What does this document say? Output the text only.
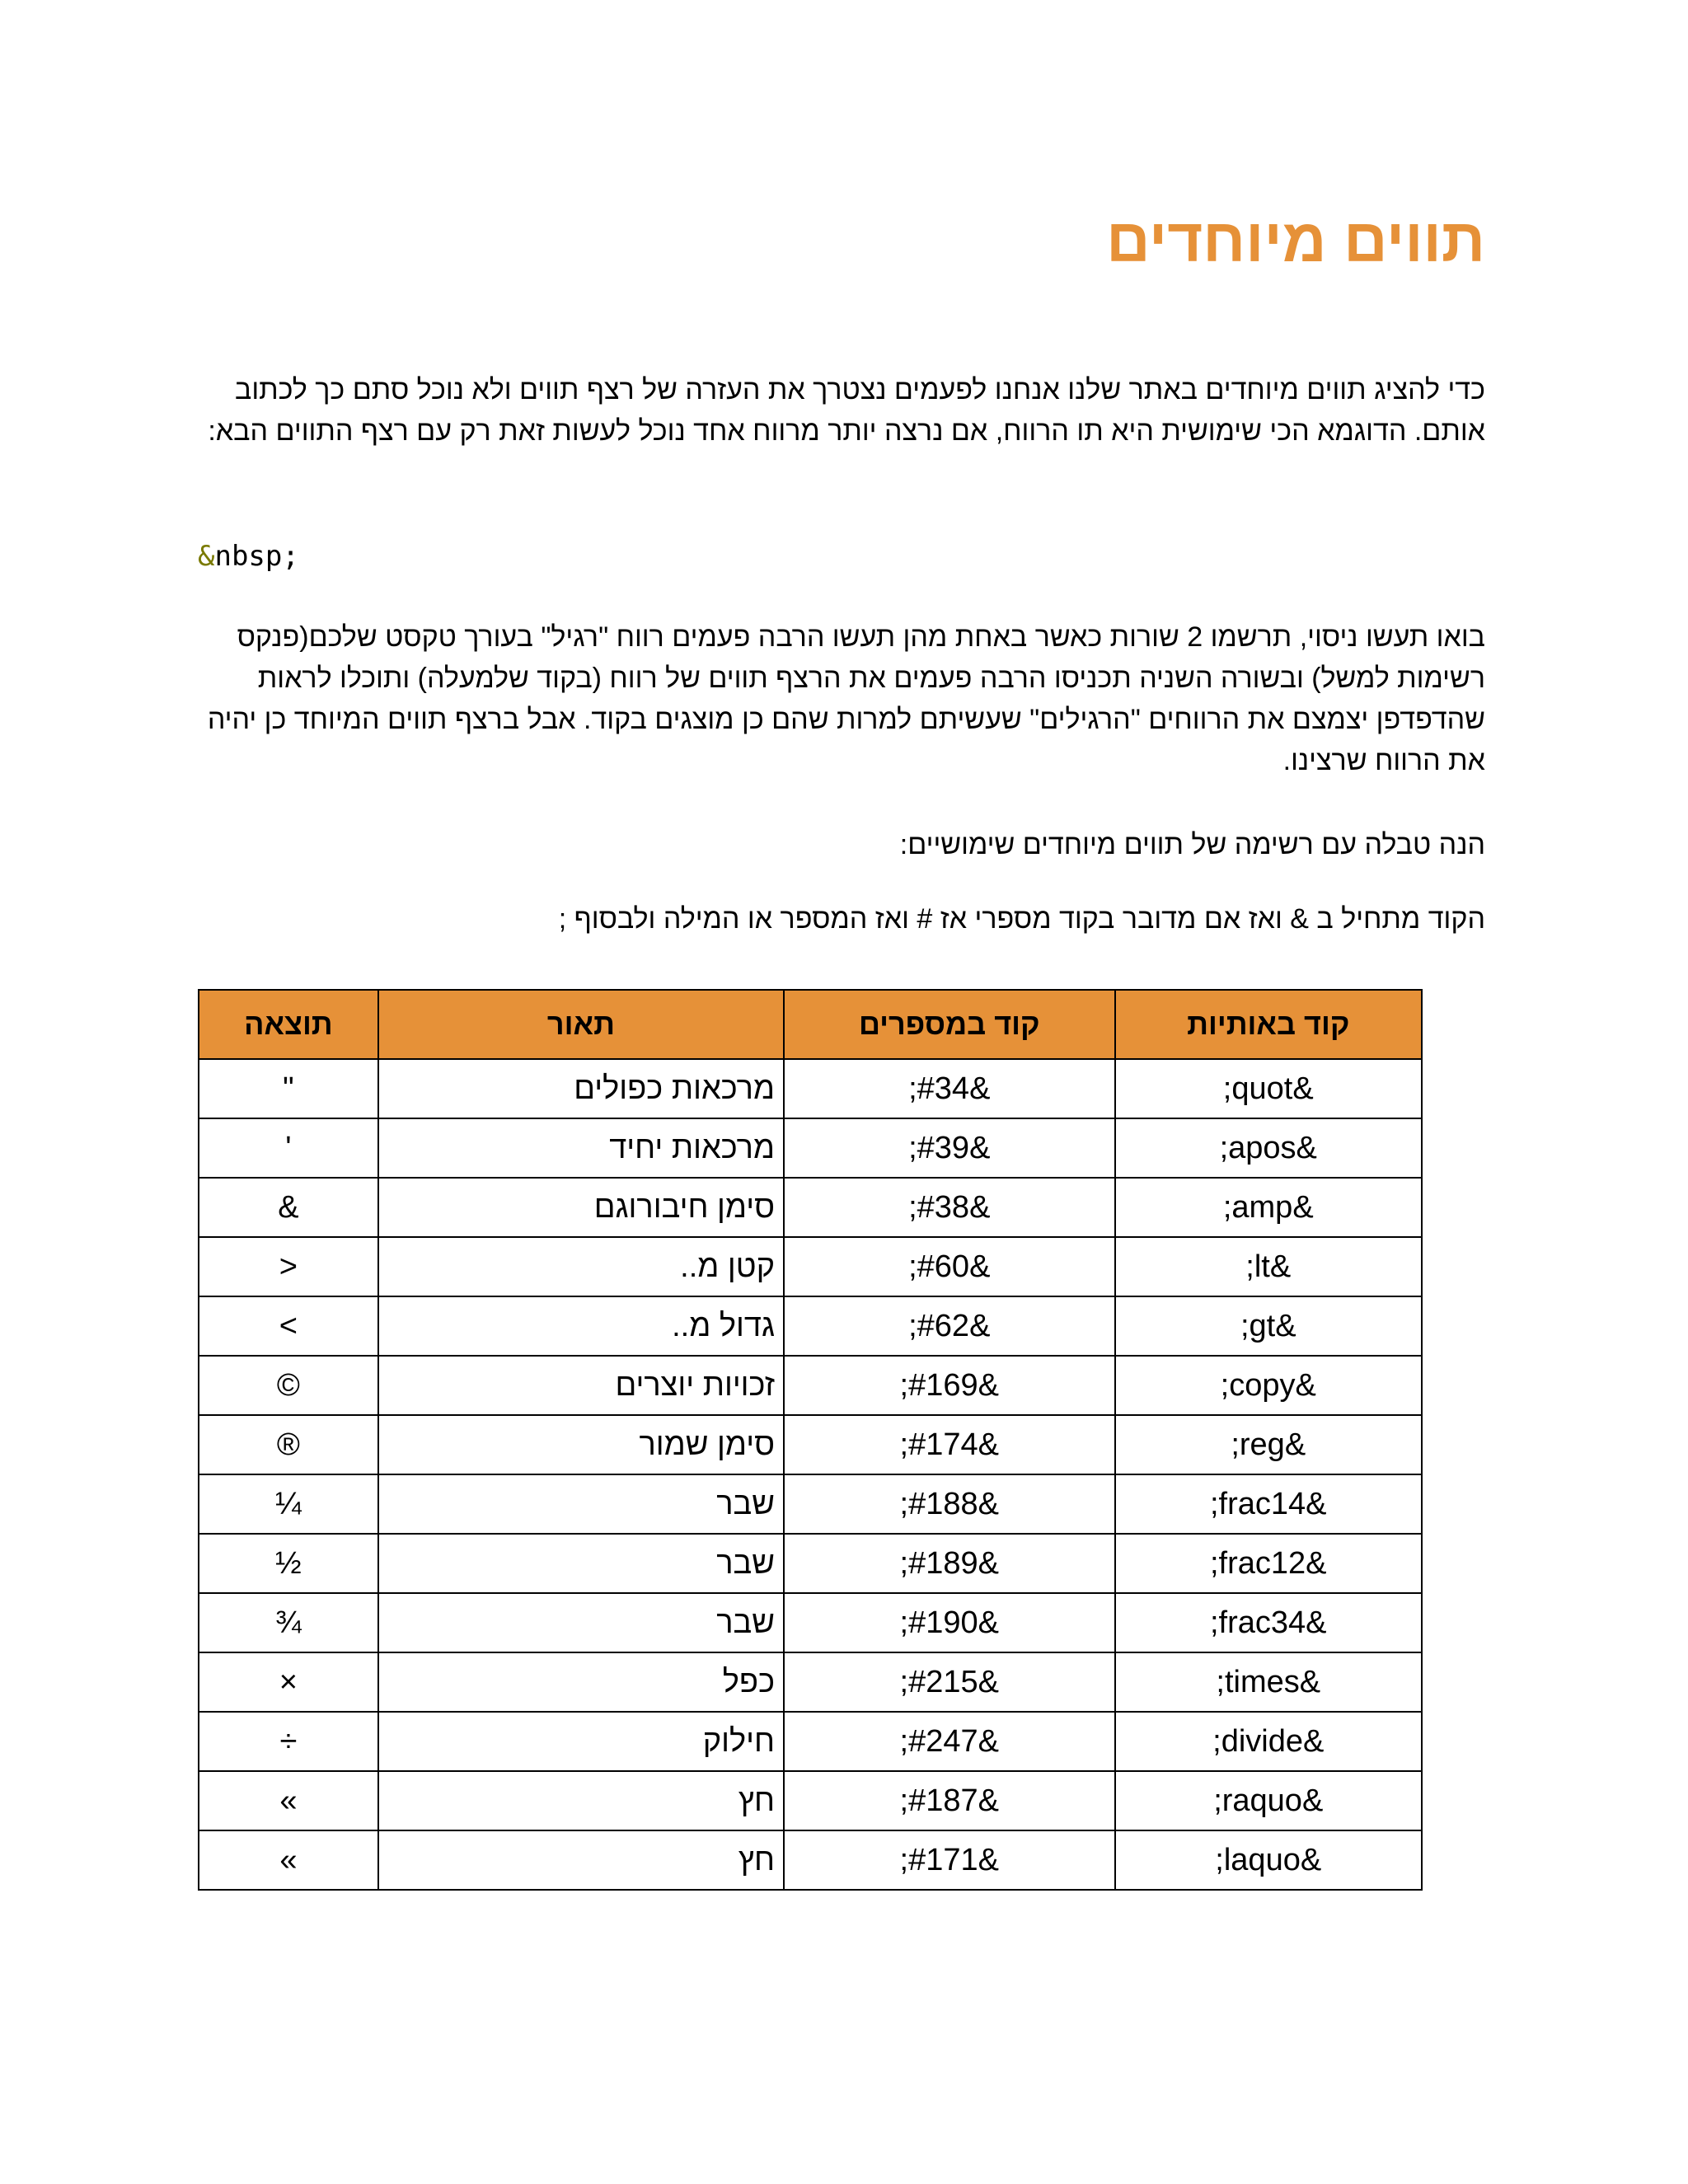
תווים מיוחדים

כדי להציג תווים מיוחדים באתר שלנו אנחנו לפעמים נצטרך את העזרה של רצף תווים ולא נוכל סתם כך לכתוב אותם. הדוגמא הכי שימושית היא תו הרווח, אם נרצה יותר מרווח אחד נוכל לעשות זאת רק עם רצף התווים הבא:

&nbsp;

בואו תעשו ניסוי, תרשמו 2 שורות כאשר באחת מהן תעשו הרבה פעמים רווח "רגיל" בעורך טקסט שלכם(פנקס רשימות למשל) ובשורה השניה תכניסו הרבה פעמים את הרצף תווים של רווח (בקוד שלמעלה) ותוכלו לראות שהדפדפן יצמצם את הרווחים "הרגילים" שעשיתם למרות שהם כן מוצגים בקוד. אבל ברצף תווים המיוחד כן יהיה את הרווח שרצינו.

הנה טבלה עם רשימה של תווים מיוחדים שימושיים:

הקוד מתחיל ב & ואז אם מדובר בקוד מספרי אז # ואז המספר או המילה ולבסוף ;

קוד באותיות	קוד במספרים	תאור	תוצאה
&quot;	&#34;	מרכאות כפולים	"
&apos;	&#39;	מרכאות יחיד	'
&amp;	&#38;	סימן חיבורוגם	&
&lt;	&#60;	קטן מ..	<
&gt;	&#62;	גדול מ..	>
&copy;	&#169;	זכויות יוצרים	©
&reg;	&#174;	סימן שמור	®
&frac14;	&#188;	שבר	¼
&frac12;	&#189;	שבר	½
&frac34;	&#190;	שבר	¾
&times;	&#215;	כפל	×
&divide;	&#247;	חילוק	÷
&raquo;	&#187;	חץ	»
&laquo;	&#171;	חץ	»
